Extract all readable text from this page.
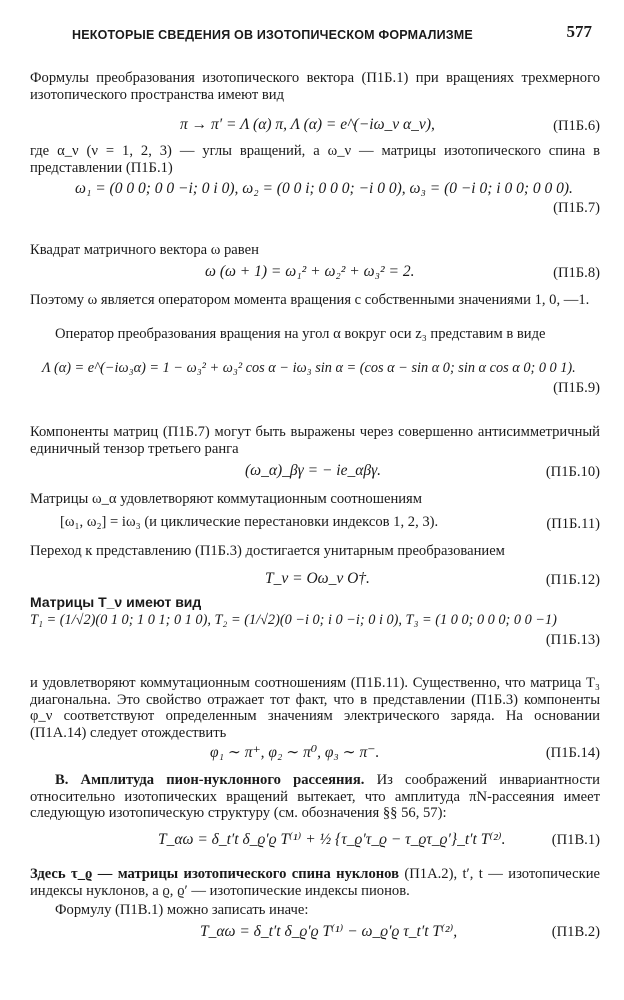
НЕКОТОРЫЕ СВЕДЕНИЯ ОВ ИЗОТОПИЧЕСКОМ ФОРМАЛИЗМЕ	577

Формулы преобразования изотопического вектора (П1Б.1) при вращениях трехмерного изотопического пространства имеют вид

π → π′ = Λ (α) π, Λ (α) = e^(−iω_ν α_ν),	(П1Б.6)

где α_ν (ν = 1, 2, 3) — углы вращений, а ω_ν — матрицы изотопического спина в представлении (П1Б.1)

ω₁ = (0 0 0; 0 0 −i; 0 i 0), ω₂ = (0 0 i; 0 0 0; −i 0 0), ω₃ = (0 −i 0; i 0 0; 0 0 0).
(П1Б.7)

Квадрат матричного вектора ω равен

ω (ω + 1) = ω₁² + ω₂² + ω₃² = 2.	(П1Б.8)

Поэтому ω является оператором момента вращения с собственными значениями 1, 0, —1.

Оператор преобразования вращения на угол α вокруг оси z₃ представим в виде

Λ (α) = e^(−iω₃α) = 1 − ω₃² + ω₃² cos α − iω₃ sin α = (cos α − sin α 0; sin α cos α 0; 0 0 1).
(П1Б.9)

Компоненты матриц (П1Б.7) могут быть выражены через совершенно антисимметричный единичный тензор третьего ранга

(ω_α)_βγ = − ie_αβγ.	(П1Б.10)

Матрицы ω_α удовлетворяют коммутационным соотношениям

[ω₁, ω₂] = iω₃ (и циклические перестановки индексов 1, 2, 3).	(П1Б.11)

Переход к представлению (П1Б.3) достигается унитарным преобразованием

T_ν = Oω_ν O†.	(П1Б.12)

Матрицы T_ν имеют вид

T₁ = (1/√2)(0 1 0; 1 0 1; 0 1 0), T₂ = (1/√2)(0 −i 0; i 0 −i; 0 i 0), T₃ = (1 0 0; 0 0 0; 0 0 −1)
(П1Б.13)

и удовлетворяют коммутационным соотношениям (П1Б.11). Существенно, что матрица T₃ диагональна. Это свойство отражает тот факт, что в представлении (П1Б.3) компоненты φ_ν соответствуют определенным значениям электрического заряда. На основании (П1А.14) следует отождествить

φ₁ ∼ π⁺, φ₂ ∼ π⁰, φ₃ ∼ π⁻.	(П1Б.14)

В. Амплитуда пион-нуклонного рассеяния. Из соображений инвариантности относительно изотопических вращений вытекает, что амплитуда πN-рассеяния имеет следующую изотопическую структуру (см. обозначения §§ 56, 57):

T_αω = δ_t′t δ_ϱ′ϱ T⁽¹⁾ + ½ {τ_ϱ′τ_ϱ − τ_ϱτ_ϱ′}_t′t T⁽²⁾.	(П1В.1)

Здесь τ_ϱ — матрицы изотопического спина нуклонов (П1А.2), t′, t — изотопические индексы нуклонов, а ϱ, ϱ′ — изотопические индексы пионов.

Формулу (П1В.1) можно записать иначе:

T_αω = δ_t′t δ_ϱ′ϱ T⁽¹⁾ − ω_ϱ′ϱ τ_t′t T⁽²⁾,	(П1В.2)
